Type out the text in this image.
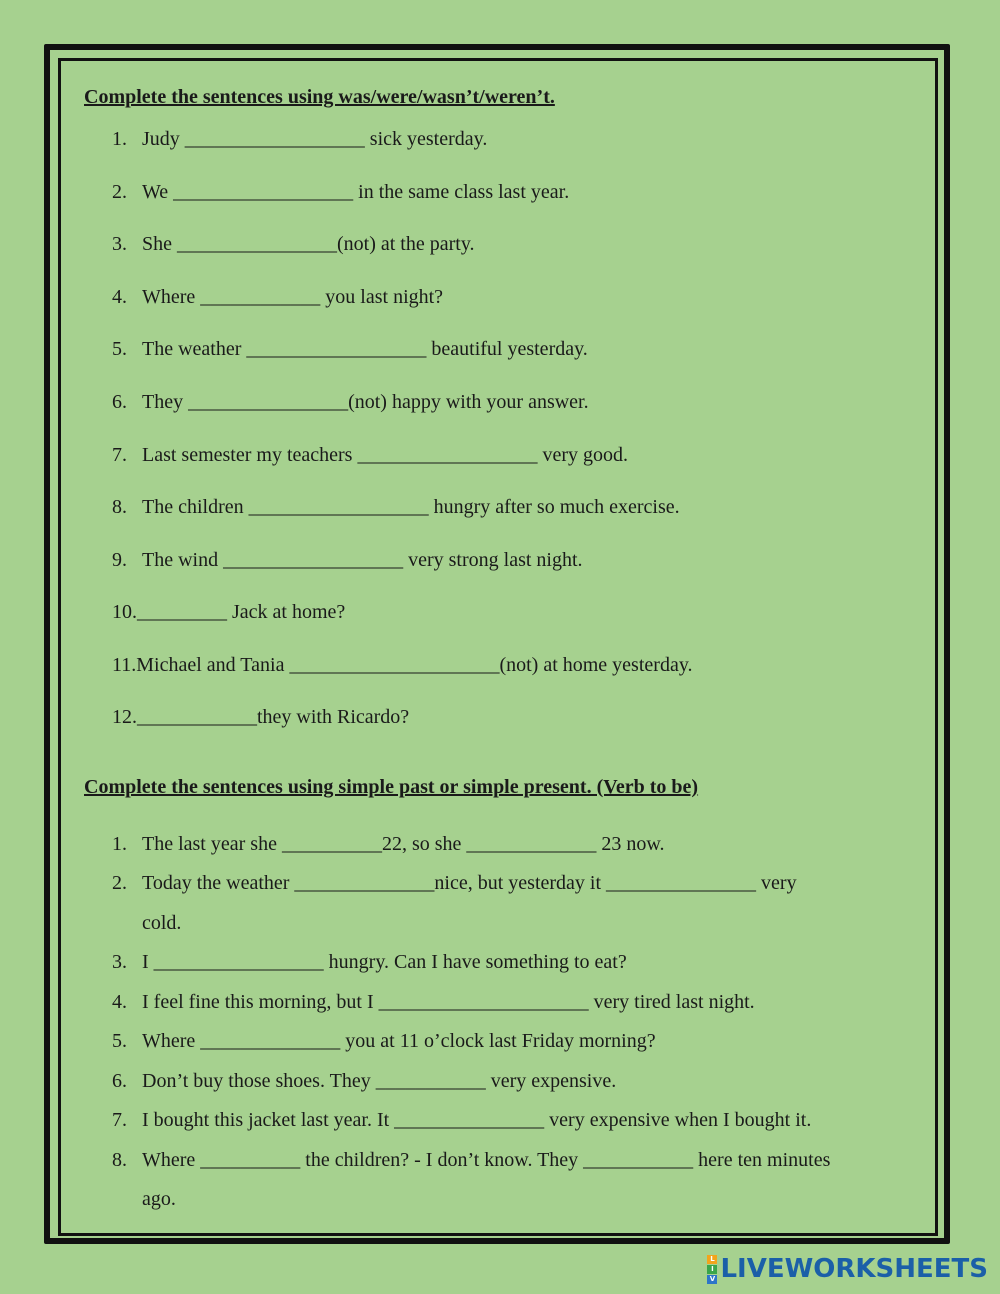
Complete the sentences using was/were/wasn’t/weren’t.
1. Judy __________________ sick yesterday.
2. We __________________ in the same class last year.
3. She ________________(not) at the party.
4. Where ____________ you last night?
5. The weather __________________ beautiful yesterday.
6. They ________________(not) happy with your answer.
7. Last semester my teachers __________________ very good.
8. The children __________________ hungry after so much exercise.
9. The wind __________________ very strong last night.
10._________ Jack at home?
11.Michael and Tania _____________________(not) at home yesterday.
12.____________they with Ricardo?
Complete the sentences using simple past or simple present. (Verb to be)
1. The last year she __________22, so she _____________ 23 now.
2. Today the weather ______________nice, but yesterday it _______________ very
cold.
3. I _________________ hungry. Can I have something to eat?
4. I feel fine this morning, but I _____________________ very tired last night.
5. Where ______________ you at 11 o’clock last Friday morning?
6. Don’t buy those shoes. They ___________ very expensive.
7. I bought this jacket last year. It _______________ very expensive when I bought it.
8. Where __________ the children? - I don’t know. They ___________ here ten minutes
ago.
L
I
V LIVEWORKSHEETS
